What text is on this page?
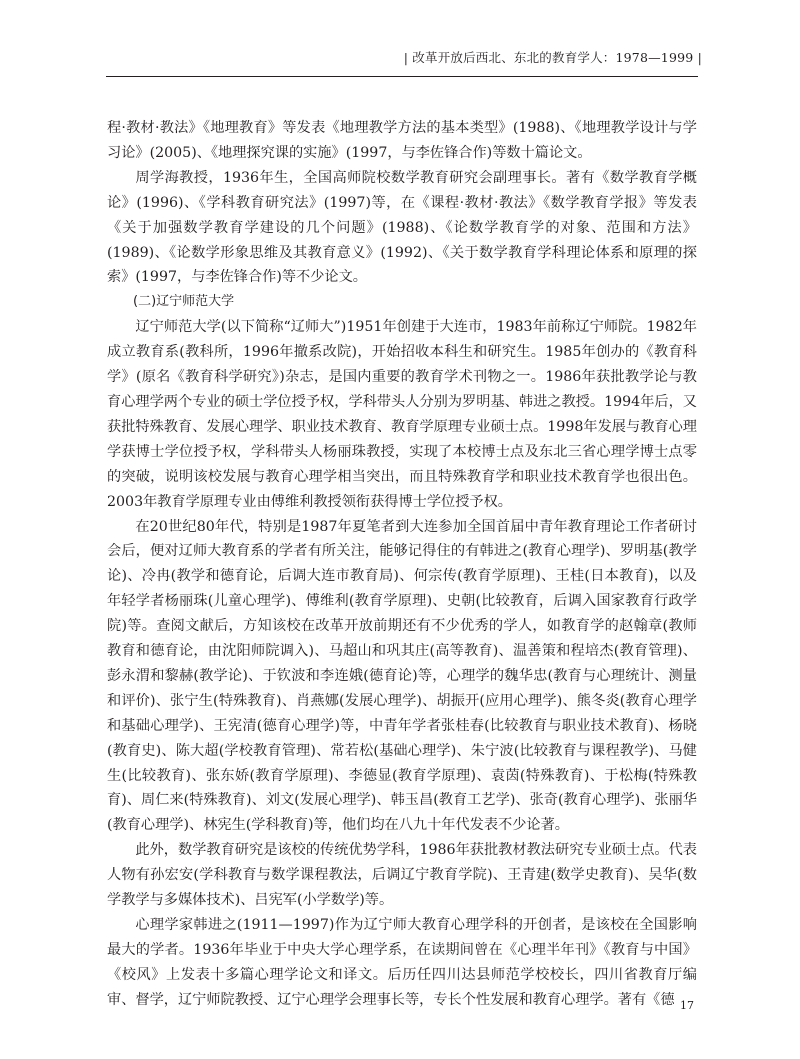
| 改革开放后西北、东北的教育学人：1978—1999 |

程·教材·教法》《地理教育》等发表《地理教学方法的基本类型》(1988)、《地理教学设计与学习论》(2005)、《地理探究课的实施》(1997，与李佐锋合作)等数十篇论文。

周学海教授，1936年生，全国高师院校数学教育研究会副理事长。著有《数学教育学概论》(1996)、《学科教育研究法》(1997)等，在《课程·教材·教法》《数学教育学报》等发表《关于加强数学教育学建设的几个问题》(1988)、《论数学教育学的对象、范围和方法》(1989)、《论数学形象思维及其教育意义》(1992)、《关于数学教育学科理论体系和原理的探索》(1997，与李佐锋合作)等不少论文。

(二)辽宁师范大学

辽宁师范大学(以下简称“辽师大”)1951年创建于大连市，1983年前称辽宁师院。1982年成立教育系(教科所，1996年撤系改院)，开始招收本科生和研究生。1985年创办的《教育科学》(原名《教育科学研究》)杂志，是国内重要的教育学术刊物之一。1986年获批教学论与教育心理学两个专业的硕士学位授予权，学科带头人分别为罗明基、韩进之教授。1994年后，又获批特殊教育、发展心理学、职业技术教育、教育学原理专业硕士点。1998年发展与教育心理学获博士学位授予权，学科带头人杨丽珠教授，实现了本校博士点及东北三省心理学博士点零的突破，说明该校发展与教育心理学相当突出，而且特殊教育学和职业技术教育学也很出色。2003年教育学原理专业由傅维利教授领衔获得博士学位授予权。

在20世纪80年代，特别是1987年夏笔者到大连参加全国首届中青年教育理论工作者研讨会后，便对辽师大教育系的学者有所关注，能够记得住的有韩进之(教育心理学)、罗明基(教学论)、冷冉(教学和德育论，后调大连市教育局)、何宗传(教育学原理)、王桂(日本教育)，以及年轻学者杨丽珠(儿童心理学)、傅维利(教育学原理)、史朝(比较教育，后调入国家教育行政学院)等。查阅文献后，方知该校在改革开放前期还有不少优秀的学人，如教育学的赵翰章(教师教育和德育论，由沈阳师院调入)、马超山和巩其庄(高等教育)、温善策和程培杰(教育管理)、彭永渭和黎赫(教学论)、于钦波和李连娥(德育论)等，心理学的魏华忠(教育与心理统计、测量和评价)、张宁生(特殊教育)、肖燕娜(发展心理学)、胡振开(应用心理学)、熊冬炎(教育心理学和基础心理学)、王宪清(德育心理学)等，中青年学者张桂春(比较教育与职业技术教育)、杨晓(教育史)、陈大超(学校教育管理)、常若松(基础心理学)、朱宁波(比较教育与课程教学)、马健生(比较教育)、张东娇(教育学原理)、李德显(教育学原理)、袁茵(特殊教育)、于松梅(特殊教育)、周仁来(特殊教育)、刘文(发展心理学)、韩玉昌(教育工艺学)、张奇(教育心理学)、张丽华(教育心理学)、林宪生(学科教育)等，他们均在八九十年代发表不少论著。

此外，数学教育研究是该校的传统优势学科，1986年获批教材教法研究专业硕士点。代表人物有孙宏安(学科教育与数学课程教法，后调辽宁教育学院)、王青建(数学史教育)、吴华(数学教学与多媒体技术)、吕宪军(小学数学)等。

心理学家韩进之(1911—1997)作为辽宁师大教育心理学科的开创者，是该校在全国影响最大的学者。1936年毕业于中央大学心理学系，在读期间曾在《心理半年刊》《教育与中国》《校风》上发表十多篇心理学论文和译文。后历任四川达县师范学校校长，四川省教育厅编审、督学，辽宁师院教授、辽宁心理学会理事长等，专长个性发展和教育心理学。著有《德 17
